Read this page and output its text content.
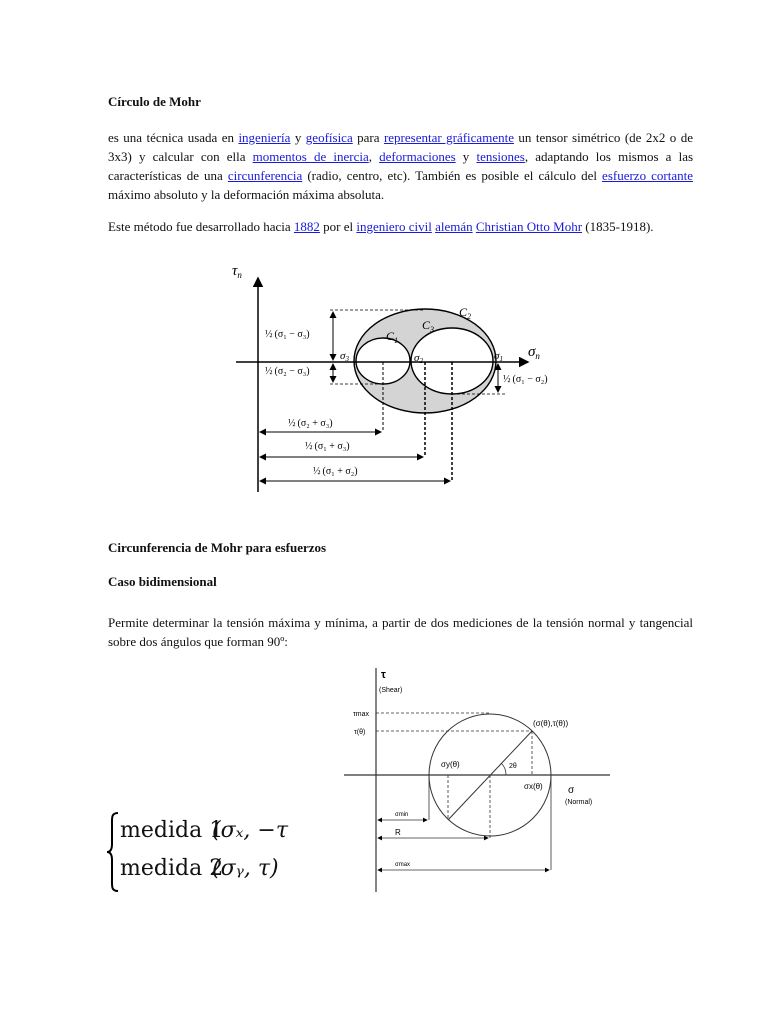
Círculo de Mohr
es una técnica usada en ingeniería y geofísica para representar gráficamente un tensor simétrico (de 2x2 o de 3x3) y calcular con ella momentos de inercia, deformaciones y tensiones, adaptando los mismos a las características de una circunferencia (radio, centro, etc). También es posible el cálculo del esfuerzo cortante máximo absoluto y la deformación máxima absoluta.
Este método fue desarrollado hacia 1882 por el ingeniero civil alemán Christian Otto Mohr (1835-1918).
$\tau_n$
$\sigma_n$
$C_2$
$C_3$
$C_1$
σ3	σ2	σ1
½ (σ₁ − σ₃)
½ (σ₂ − σ₃)
½ (σ₁ − σ₂)
½ (σ₂ + σ₃)
½ (σ₁ + σ₃)
½ (σ₁ + σ₂)
Circunferencia de Mohr para esfuerzos
Caso bidimensional
Permite determinar la tensión máxima y mínima, a partir de dos mediciones de la tensión normal y tangencial sobre dos ángulos que forman 90º:
medida 1
(σₓ, −τ
medida 2
(σᵧ, τ)
τ
(Shear)
τmax
τ(θ)
(σ(θ),τ(θ))
σy(θ)	2θ
σx(θ)	σ
(Normal)
σmin
R
σmax
